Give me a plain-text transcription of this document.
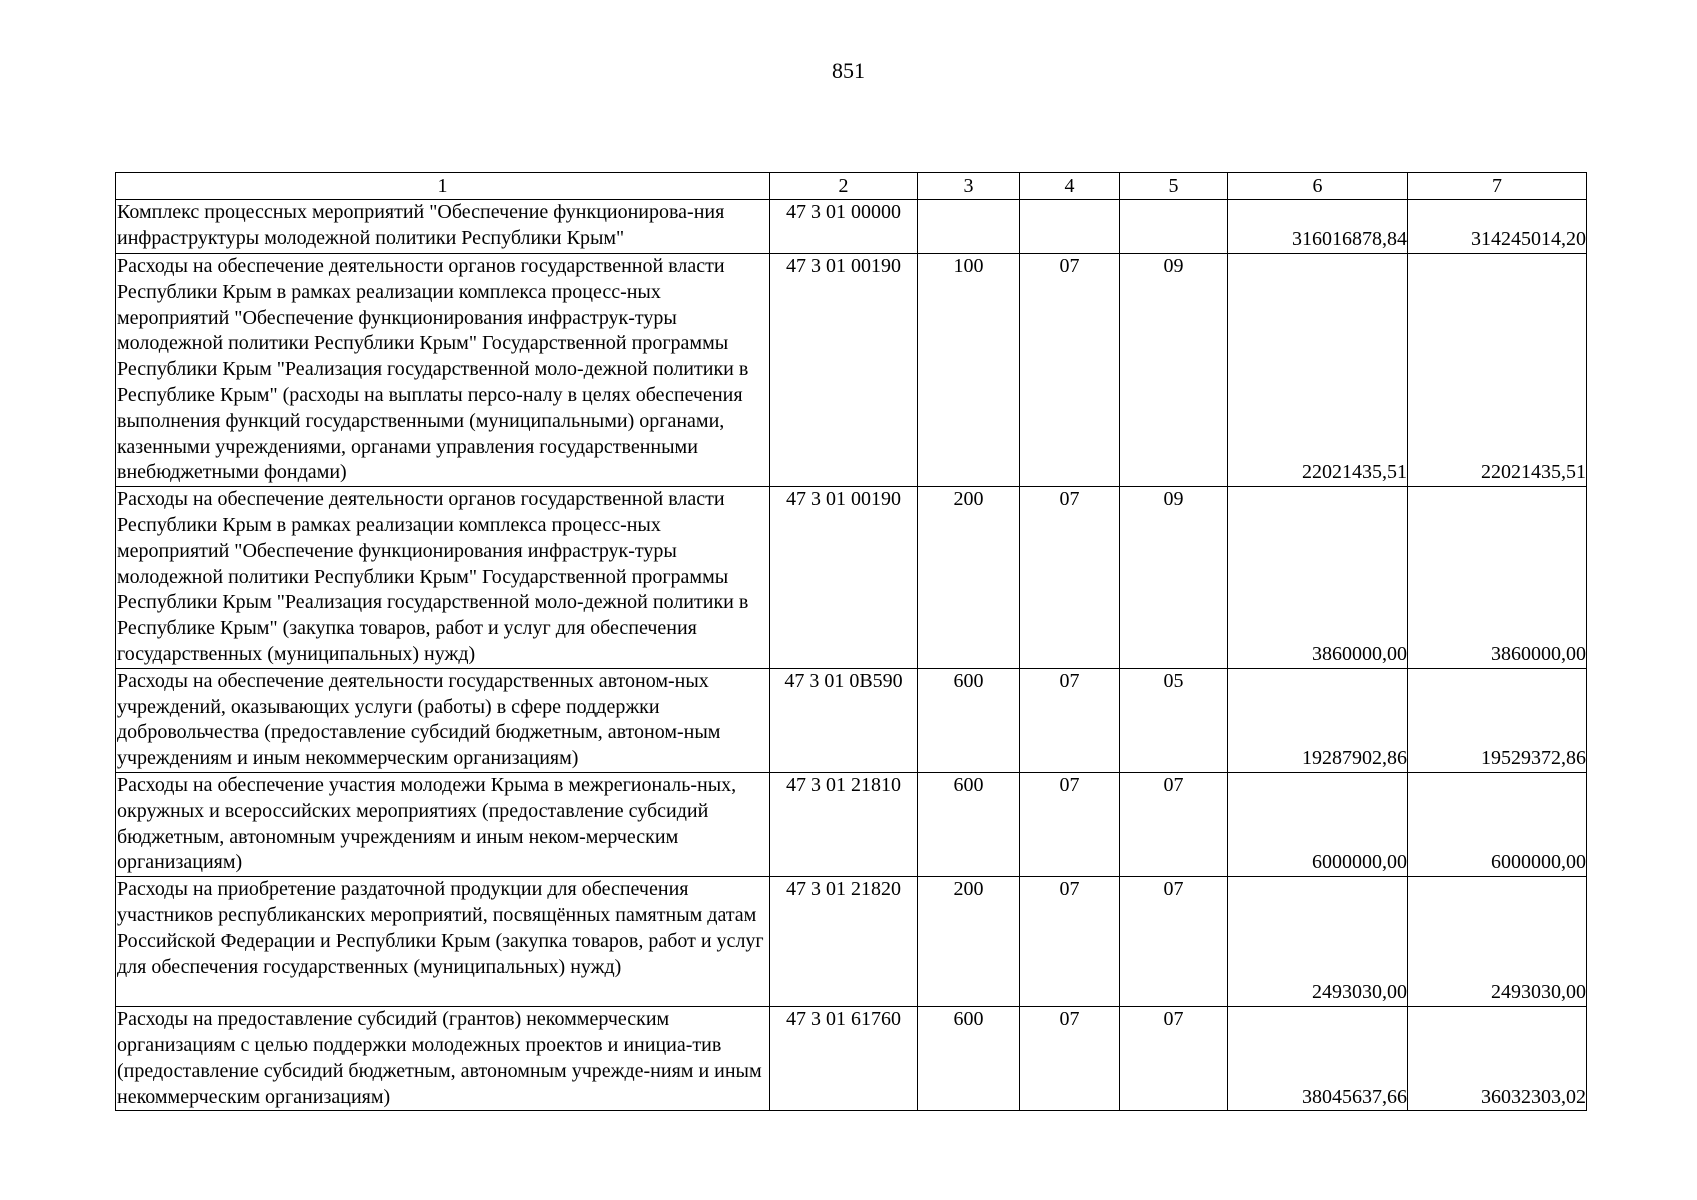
851
1	2	3	4	5	6	7
Комплекс процессных мероприятий "Обеспечение функционирова-ния инфраструктуры молодежной политики Республики Крым"	47 3 01 00000				316016878,84	314245014,20
Расходы на обеспечение деятельности органов государственной власти Республики Крым в рамках реализации комплекса процесс-ных мероприятий "Обеспечение функционирования инфраструк-туры молодежной политики Республики Крым" Государственной программы Республики Крым "Реализация государственной моло-дежной политики в Республике Крым" (расходы на выплаты персо-налу в целях обеспечения выполнения функций государственными (муниципальными) органами, казенными учреждениями, органами управления государственными внебюджетными фондами)	47 3 01 00190	100	07	09	22021435,51	22021435,51
Расходы на обеспечение деятельности органов государственной власти Республики Крым в рамках реализации комплекса процесс-ных мероприятий "Обеспечение функционирования инфраструк-туры молодежной политики Республики Крым" Государственной программы Республики Крым "Реализация государственной моло-дежной политики в Республике Крым" (закупка товаров, работ и услуг для обеспечения государственных (муниципальных) нужд)	47 3 01 00190	200	07	09	3860000,00	3860000,00
Расходы на обеспечение деятельности государственных автоном-ных учреждений, оказывающих услуги (работы) в сфере поддержки добровольчества (предоставление субсидий бюджетным, автоном-ным учреждениям и иным некоммерческим организациям)	47 3 01 0В590	600	07	05	19287902,86	19529372,86
Расходы на обеспечение участия молодежи Крыма в межрегиональ-ных, окружных и всероссийских мероприятиях (предоставление субсидий бюджетным, автономным учреждениям и иным неком-мерческим организациям)	47 3 01 21810	600	07	07	6000000,00	6000000,00
Расходы на приобретение раздаточной продукции для обеспечения участников республиканских мероприятий, посвящённых памятным датам Российской Федерации и Республики Крым (закупка товаров, работ и услуг для обеспечения государственных (муниципальных) нужд)	47 3 01 21820	200	07	07	2493030,00	2493030,00
Расходы на предоставление субсидий (грантов) некоммерческим организациям с целью поддержки молодежных проектов и инициа-тив (предоставление субсидий бюджетным, автономным учрежде-ниям и иным некоммерческим организациям)	47 3 01 61760	600	07	07	38045637,66	36032303,02
